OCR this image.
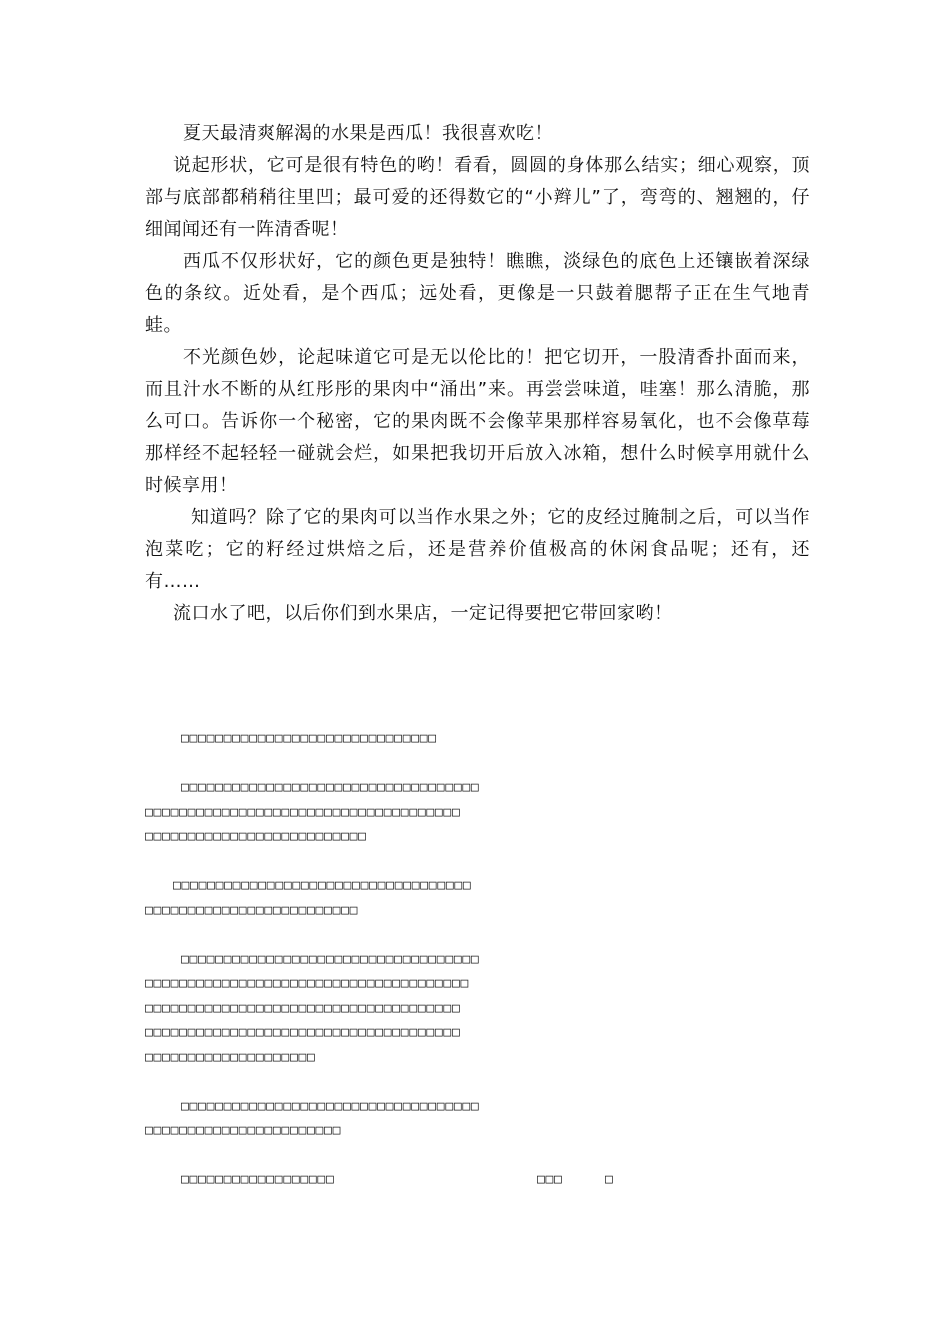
夏天最清爽解渴的水果是西瓜！我很喜欢吃！

说起形状，它可是很有特色的哟！看看，圆圆的身体那么结实；细心观察，顶部与底部都稍稍往里凹；最可爱的还得数它的“小辫儿”了，弯弯的、翘翘的，仔细闻闻还有一阵清香呢！

西瓜不仅形状好，它的颜色更是独特！瞧瞧，淡绿色的底色上还镶嵌着深绿色的条纹。近处看，是个西瓜；远处看，更像是一只鼓着腮帮子正在生气地青蛙。

不光颜色妙，论起味道它可是无以伦比的！把它切开，一股清香扑面而来，而且汁水不断的从红彤彤的果肉中“涌出”来。再尝尝味道，哇塞！那么清脆，那么可口。告诉你一个秘密，它的果肉既不会像苹果那样容易氧化，也不会像草莓那样经不起轻轻一碰就会烂，如果把我切开后放入冰箱，想什么时候享用就什么时候享用！

知道吗？除了它的果肉可以当作水果之外；它的皮经过腌制之后，可以当作泡菜吃；它的籽经过烘焙之后，还是营养价值极高的休闲食品呢；还有，还有……

流口水了吧，以后你们到水果店，一定记得要把它带回家哟！

□□□□□□□□□□□□□□□□□□□□□□□□□□□□□□

□□□□□□□□□□□□□□□□□□□□□□□□□□□□□□□□□□□
□□□□□□□□□□□□□□□□□□□□□□□□□□□□□□□□□□□□□
□□□□□□□□□□□□□□□□□□□□□□□□□□

□□□□□□□□□□□□□□□□□□□□□□□□□□□□□□□□□□□
□□□□□□□□□□□□□□□□□□□□□□□□□

□□□□□□□□□□□□□□□□□□□□□□□□□□□□□□□□□□□
□□□□□□□□□□□□□□□□□□□□□□□□□□□□□□□□□□□□□□
□□□□□□□□□□□□□□□□□□□□□□□□□□□□□□□□□□□□□
□□□□□□□□□□□□□□□□□□□□□□□□□□□□□□□□□□□□□
□□□□□□□□□□□□□□□□□□□□

□□□□□□□□□□□□□□□□□□□□□□□□□□□□□□□□□□□
□□□□□□□□□□□□□□□□□□□□□□□

□□□□□□□□□□□□□□□□□□	□□□	□
